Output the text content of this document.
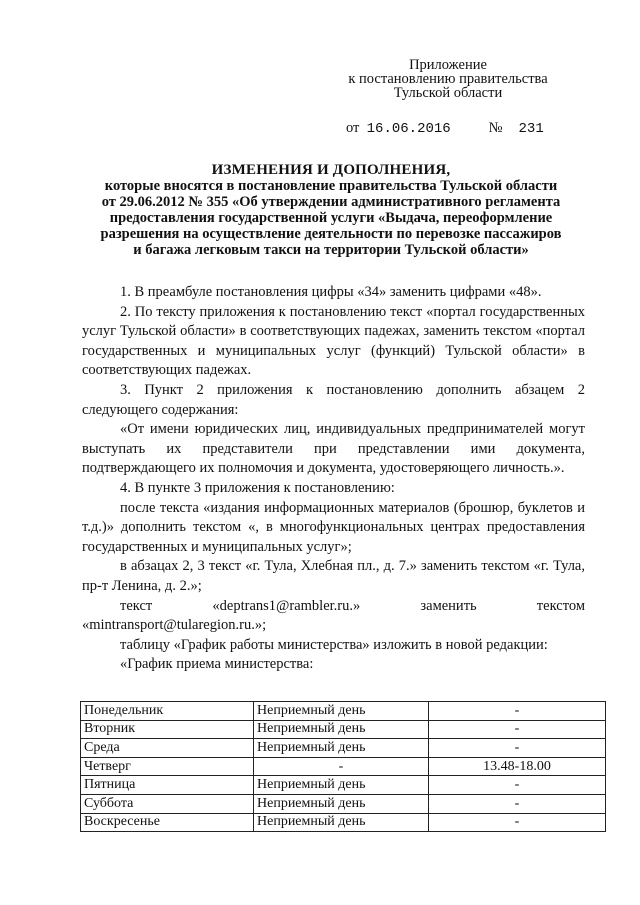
Приложение
к постановлению правительства
Тульской области
от 16.06.2016	№ 231
ИЗМЕНЕНИЯ И ДОПОЛНЕНИЯ,
которые вносятся в постановление правительства Тульской области
от 29.06.2012 № 355 «Об утверждении административного регламента
предоставления государственной услуги «Выдача, переоформление
разрешения на осуществление деятельности по перевозке пассажиров
и багажа легковым такси на территории Тульской области»

1. В преамбуле постановления цифры «34» заменить цифрами «48».

2. По тексту приложения к постановлению текст «портал государственных услуг Тульской области» в соответствующих падежах, заменить текстом «портал государственных и муниципальных услуг (функций) Тульской области» в соответствующих падежах.

3. Пункт 2 приложения к постановлению дополнить абзацем 2 следующего содержания:

«От имени юридических лиц, индивидуальных предпринимателей могут выступать их представители при представлении ими документа, подтверждающего их полномочия и документа, удостоверяющего личность.».

4. В пункте 3 приложения к постановлению:

после текста «издания информационных материалов (брошюр, буклетов и т.д.)» дополнить текстом «, в многофункциональных центрах предоставления государственных и муниципальных услуг»;

в абзацах 2, 3 текст «г. Тула, Хлебная пл., д. 7.» заменить текстом «г. Тула, пр-т Ленина, д. 2.»;

текст «deptrans1@rambler.ru.» заменить текстом «mintransport@tularegion.ru.»;

таблицу «График работы министерства» изложить в новой редакции:

«График приема министерства:

Понедельник	Неприемный день	-
Вторник	Неприемный день	-
Среда	Неприемный день	-
Четверг	-	13.48-18.00
Пятница	Неприемный день	-
Суббота	Неприемный день	-
Воскресенье	Неприемный день	-
